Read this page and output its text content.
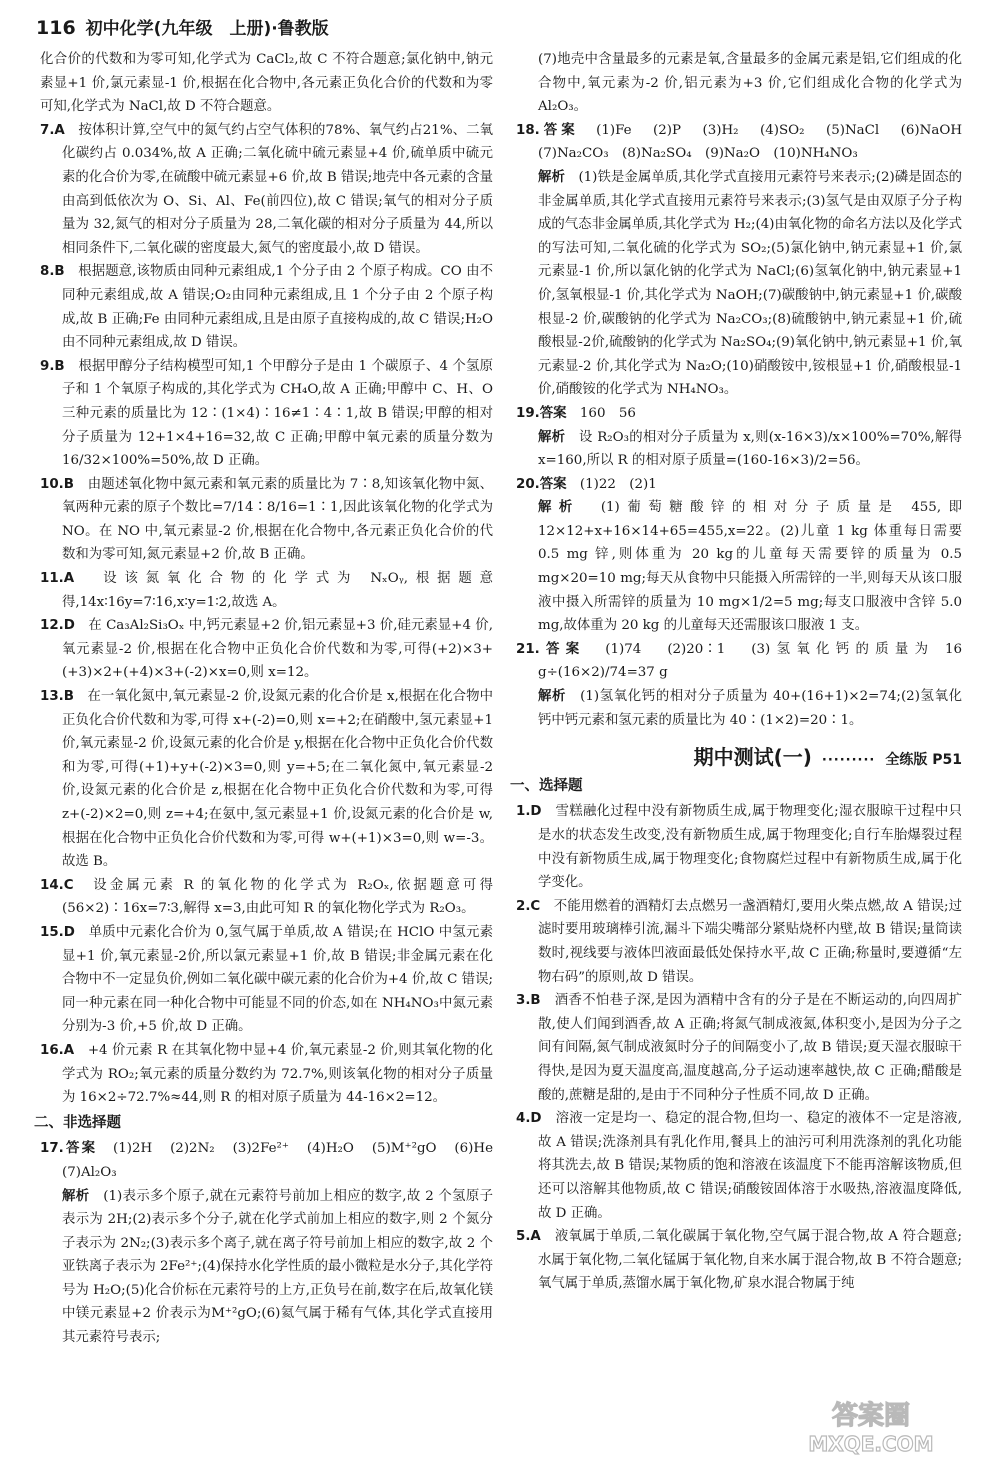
116 初中化学(九年级　上册)·鲁教版

化合价的代数和为零可知,化学式为 CaCl₂,故 C 不符合题意;氯化钠中,钠元素显+1 价,氯元素显-1 价,根据在化合物中,各元素正负化合价的代数和为零可知,化学式为 NaCl,故 D 不符合题意。

7.A　 按体积计算,空气中的氮气约占空气体积的78%、氧气约占21%、二氧化碳约占 0.034%,故 A 正确;二氧化硫中硫元素显+4 价,硫单质中硫元素的化合价为零,在硫酸中硫元素显+6 价,故 B 错误;地壳中各元素的含量由高到低依次为 O、Si、Al、Fe(前四位),故 C 错误;氧气的相对分子质量为 32,氮气的相对分子质量为 28,二氧化碳的相对分子质量为 44,所以相同条件下,二氧化碳的密度最大,氮气的密度最小,故 D 错误。

8.B　 根据题意,该物质由同种元素组成,1 个分子由 2 个原子构成。CO 由不同种元素组成,故 A 错误;O₂由同种元素组成,且 1 个分子由 2 个原子构成,故 B 正确;Fe 由同种元素组成,且是由原子直接构成的,故 C 错误;H₂O 由不同种元素组成,故 D 错误。

9.B　 根据甲醇分子结构模型可知,1 个甲醇分子是由 1 个碳原子、4 个氢原子和 1 个氧原子构成的,其化学式为 CH₄O,故 A 正确;甲醇中 C、H、O 三种元素的质量比为 12∶(1×4)∶16≠1∶4∶1,故 B 错误;甲醇的相对分子质量为 12+1×4+16=32,故 C 正确;甲醇中氧元素的质量分数为 16/32×100%=50%,故 D 正确。

10.B　 由题述氧化物中氮元素和氧元素的质量比为 7∶8,知该氧化物中氮、氧两种元素的原子个数比=7/14∶8/16=1∶1,因此该氧化物的化学式为 NO。在 NO 中,氧元素显-2 价,根据在化合物中,各元素正负化合价的代数和为零可知,氮元素显+2 价,故 B 正确。

11.A　 设该氮氧化合物的化学式为 NₓOᵧ,根据题意得,14x∶16y=7∶16,x∶y=1∶2,故选 A。

12.D　 在 Ca₃Al₂Si₃Oₓ 中,钙元素显+2 价,铝元素显+3 价,硅元素显+4 价,氧元素显-2 价,根据在化合物中正负化合价代数和为零,可得(+2)×3+(+3)×2+(+4)×3+(-2)×x=0,则 x=12。

13.B　 在一氧化氮中,氧元素显-2 价,设氮元素的化合价是 x,根据在化合物中正负化合价代数和为零,可得 x+(-2)=0,则 x=+2;在硝酸中,氢元素显+1 价,氧元素显-2 价,设氮元素的化合价是 y,根据在化合物中正负化合价代数和为零,可得(+1)+y+(-2)×3=0,则 y=+5;在二氧化氮中,氧元素显-2 价,设氮元素的化合价是 z,根据在化合物中正负化合价代数和为零,可得 z+(-2)×2=0,则 z=+4;在氨中,氢元素显+1 价,设氮元素的化合价是 w,根据在化合物中正负化合价代数和为零,可得 w+(+1)×3=0,则 w=-3。故选 B。

14.C　 设金属元素 R 的氧化物的化学式为 R₂Oₓ,依据题意可得(56×2)∶16x=7∶3,解得 x=3,由此可知 R 的氧化物化学式为 R₂O₃。

15.D　 单质中元素化合价为 0,氢气属于单质,故 A 错误;在 HClO 中氢元素显+1 价,氧元素显-2价,所以氯元素显+1 价,故 B 错误;非金属元素在化合物中不一定显负价,例如二氧化碳中碳元素的化合价为+4 价,故 C 错误;同一种元素在同一种化合物中可能显不同的价态,如在 NH₄NO₃中氮元素分别为-3 价,+5 价,故 D 正确。

16.A　 +4 价元素 R 在其氧化物中显+4 价,氧元素显-2 价,则其氧化物的化学式为 RO₂;氧元素的质量分数约为 72.7%,则该氧化物的相对分子质量为 16×2÷72.7%≈44,则 R 的相对原子质量为 44-16×2=12。

二、非选择题

17.答案　 (1)2H　(2)2N₂　(3)2Fe²⁺　(4)H₂O　(5)M⁺²gO　(6)He　(7)Al₂O₃

解析　 (1)表示多个原子,就在元素符号前加上相应的数字,故 2 个氢原子表示为 2H;(2)表示多个分子,就在化学式前加上相应的数字,则 2 个氮分子表示为 2N₂;(3)表示多个离子,就在离子符号前加上相应的数字,故 2 个亚铁离子表示为 2Fe²⁺;(4)保持水化学性质的最小微粒是水分子,其化学符号为 H₂O;(5)化合价标在元素符号的上方,正负号在前,数字在后,故氧化镁中镁元素显+2 价表示为M⁺²gO;(6)氦气属于稀有气体,其化学式直接用其元素符号表示;

(7)地壳中含量最多的元素是氧,含量最多的金属元素是铝,它们组成的化合物中,氧元素为-2 价,铝元素为+3 价,它们组成化合物的化学式为 Al₂O₃。

18.答案　 (1)Fe　(2)P　(3)H₂　(4)SO₂　(5)NaCl　(6)NaOH　(7)Na₂CO₃　(8)Na₂SO₄　(9)Na₂O　(10)NH₄NO₃

解析　 (1)铁是金属单质,其化学式直接用元素符号来表示;(2)磷是固态的非金属单质,其化学式直接用元素符号来表示;(3)氢气是由双原子分子构成的气态非金属单质,其化学式为 H₂;(4)由氧化物的命名方法以及化学式的写法可知,二氧化硫的化学式为 SO₂;(5)氯化钠中,钠元素显+1 价,氯元素显-1 价,所以氯化钠的化学式为 NaCl;(6)氢氧化钠中,钠元素显+1 价,氢氧根显-1 价,其化学式为 NaOH;(7)碳酸钠中,钠元素显+1 价,碳酸根显-2 价,碳酸钠的化学式为 Na₂CO₃;(8)硫酸钠中,钠元素显+1 价,硫酸根显-2价,硫酸钠的化学式为 Na₂SO₄;(9)氧化钠中,钠元素显+1 价,氧元素显-2 价,其化学式为 Na₂O;(10)硝酸铵中,铵根显+1 价,硝酸根显-1 价,硝酸铵的化学式为 NH₄NO₃。

19.答案　 160　56

解析　 设 R₂O₃的相对分子质量为 x,则(x-16×3)/x×100%=70%,解得 x=160,所以 R 的相对原子质量=(160-16×3)/2=56。

20.答案　 (1)22　(2)1

解析　 (1)葡萄糖酸锌的相对分子质量是 455,即 12×12+x+16×14+65=455,x=22。(2)儿童 1 kg 体重每日需要 0.5 mg 锌,则体重为 20 kg的儿童每天需要锌的质量为 0.5 mg×20=10 mg;每天从食物中只能摄入所需锌的一半,则每天从该口服液中摄入所需锌的质量为 10 mg×1/2=5 mg;每支口服液中含锌 5.0 mg,故体重为 20 kg 的儿童每天还需服该口服液 1 支。

21.答案　 (1)74　(2)20∶1　(3)氢氧化钙的质量为 16 g÷(16×2)/74=37 g

解析　 (1)氢氧化钙的相对分子质量为 40+(16+1)×2=74;(2)氢氧化钙中钙元素和氢元素的质量比为 40∶(1×2)=20∶1。

期中测试(一) ········· 全练版 P51
一、选择题

1.D　 雪糕融化过程中没有新物质生成,属于物理变化;湿衣服晾干过程中只是水的状态发生改变,没有新物质生成,属于物理变化;自行车胎爆裂过程中没有新物质生成,属于物理变化;食物腐烂过程中有新物质生成,属于化学变化。

2.C　 不能用燃着的酒精灯去点燃另一盏酒精灯,要用火柴点燃,故 A 错误;过滤时要用玻璃棒引流,漏斗下端尖嘴部分紧贴烧杯内壁,故 B 错误;量筒读数时,视线要与液体凹液面最低处保持水平,故 C 正确;称量时,要遵循“左物右码”的原则,故 D 错误。

3.B　 酒香不怕巷子深,是因为酒精中含有的分子是在不断运动的,向四周扩散,使人们闻到酒香,故 A 正确;将氮气制成液氮,体积变小,是因为分子之间有间隔,氮气制成液氮时分子的间隔变小了,故 B 错误;夏天湿衣服晾干得快,是因为夏天温度高,温度越高,分子运动速率越快,故 C 正确;醋酸是酸的,蔗糖是甜的,是由于不同种分子性质不同,故 D 正确。

4.D　 溶液一定是均一、稳定的混合物,但均一、稳定的液体不一定是溶液,故 A 错误;洗涤剂具有乳化作用,餐具上的油污可利用洗涤剂的乳化功能将其洗去,故 B 错误;某物质的饱和溶液在该温度下不能再溶解该物质,但还可以溶解其他物质,故 C 错误;硝酸铵固体溶于水吸热,溶液温度降低,故 D 正确。

5.A　 液氧属于单质,二氧化碳属于氧化物,空气属于混合物,故 A 符合题意;水属于氧化物,二氧化锰属于氧化物,自来水属于混合物,故 B 不符合题意;氧气属于单质,蒸馏水属于氧化物,矿泉水混合物属于纯

答案圈
MXQE.COM
